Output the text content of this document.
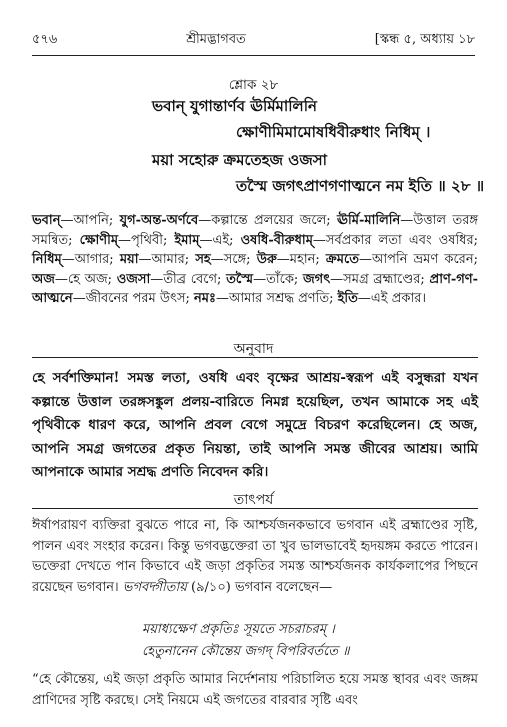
৫৭৬	শ্রীমদ্ভাগবত	[স্কন্ধ ৫, অধ্যায় ১৮
শ্লোক ২৮
ভবান্ যুগান্তার্ণব ঊর্মিমালিনি
ক্ষোণীমিমামোষধিবীরুধাং নিধিম্ ।
ময়া সহোরু ক্রমতেহজ ওজসা
তস্মৈ জগৎপ্রাণগণাত্মনে নম ইতি ॥ ২৮ ॥
ভবান্—আপনি; যুগ-অন্ত-অর্ণবে—কল্পান্তে প্রলয়ের জলে; ঊর্মি-মালিনি—উত্তাল তরঙ্গ সমন্বিত; ক্ষোণীম্—পৃথিবী; ইমাম্—এই; ওষধি-বীরুধাম্—সর্বপ্রকার লতা এবং ওষধির; নিধিম্—আগার; ময়া—আমার; সহ—সঙ্গে; উরু—মহান; ক্রমতে—আপনি ভ্রমণ করেন; অজ—হে অজ; ওজসা—তীব্র বেগে; তস্মৈ—তাঁকে; জগৎ—সমগ্র ব্রহ্মাণ্ডের; প্রাণ-গণ-আত্মনে—জীবনের পরম উৎস; নমঃ—আমার সশ্রদ্ধ প্রণতি; ইতি—এই প্রকার।
অনুবাদ
হে সর্বশক্তিমান! সমস্ত লতা, ওষধি এবং বৃক্ষের আশ্রয়-স্বরূপ এই বসুন্ধরা যখন কল্পান্তে উত্তাল তরঙ্গসঙ্কুল প্রলয়-বারিতে নিমগ্ন হয়েছিল, তখন আমাকে সহ এই পৃথিবীকে ধারণ করে, আপনি প্রবল বেগে সমুদ্রে বিচরণ করেছিলেন। হে অজ, আপনি সমগ্র জগতের প্রকৃত নিয়ন্তা, তাই আপনি সমস্ত জীবের আশ্রয়। আমি আপনাকে আমার সশ্রদ্ধ প্রণতি নিবেদন করি।
তাৎপর্য
ঈর্ষাপরায়ণ ব্যক্তিরা বুঝতে পারে না, কি আশ্চর্যজনকভাবে ভগবান এই ব্রহ্মাণ্ডের সৃষ্টি, পালন এবং সংহার করেন। কিন্তু ভগবদ্ভক্তেরা তা খুব ভালভাবেই হৃদয়ঙ্গম করতে পারেন। ভক্তেরা দেখতে পান কিভাবে এই জড়া প্রকৃতির সমস্ত আশ্চর্যজনক কার্যকলাপের পিছনে রয়েছেন ভগবান। ভগবদ্গীতায় (৯/১০) ভগবান বলেছেন—
ময়াধ্যক্ষেণ প্রকৃতিঃ সূয়তে সচরাচরম্ ।
হেতুনানেন কৌন্তেয় জগদ্ বিপরিবর্ততে ॥
“হে কৌন্তেয়, এই জড়া প্রকৃতি আমার নির্দেশনায় পরিচালিত হয়ে সমস্ত স্থাবর এবং জঙ্গম প্রাণিদের সৃষ্টি করছে। সেই নিয়মে এই জগতের বারবার সৃষ্টি এবং
